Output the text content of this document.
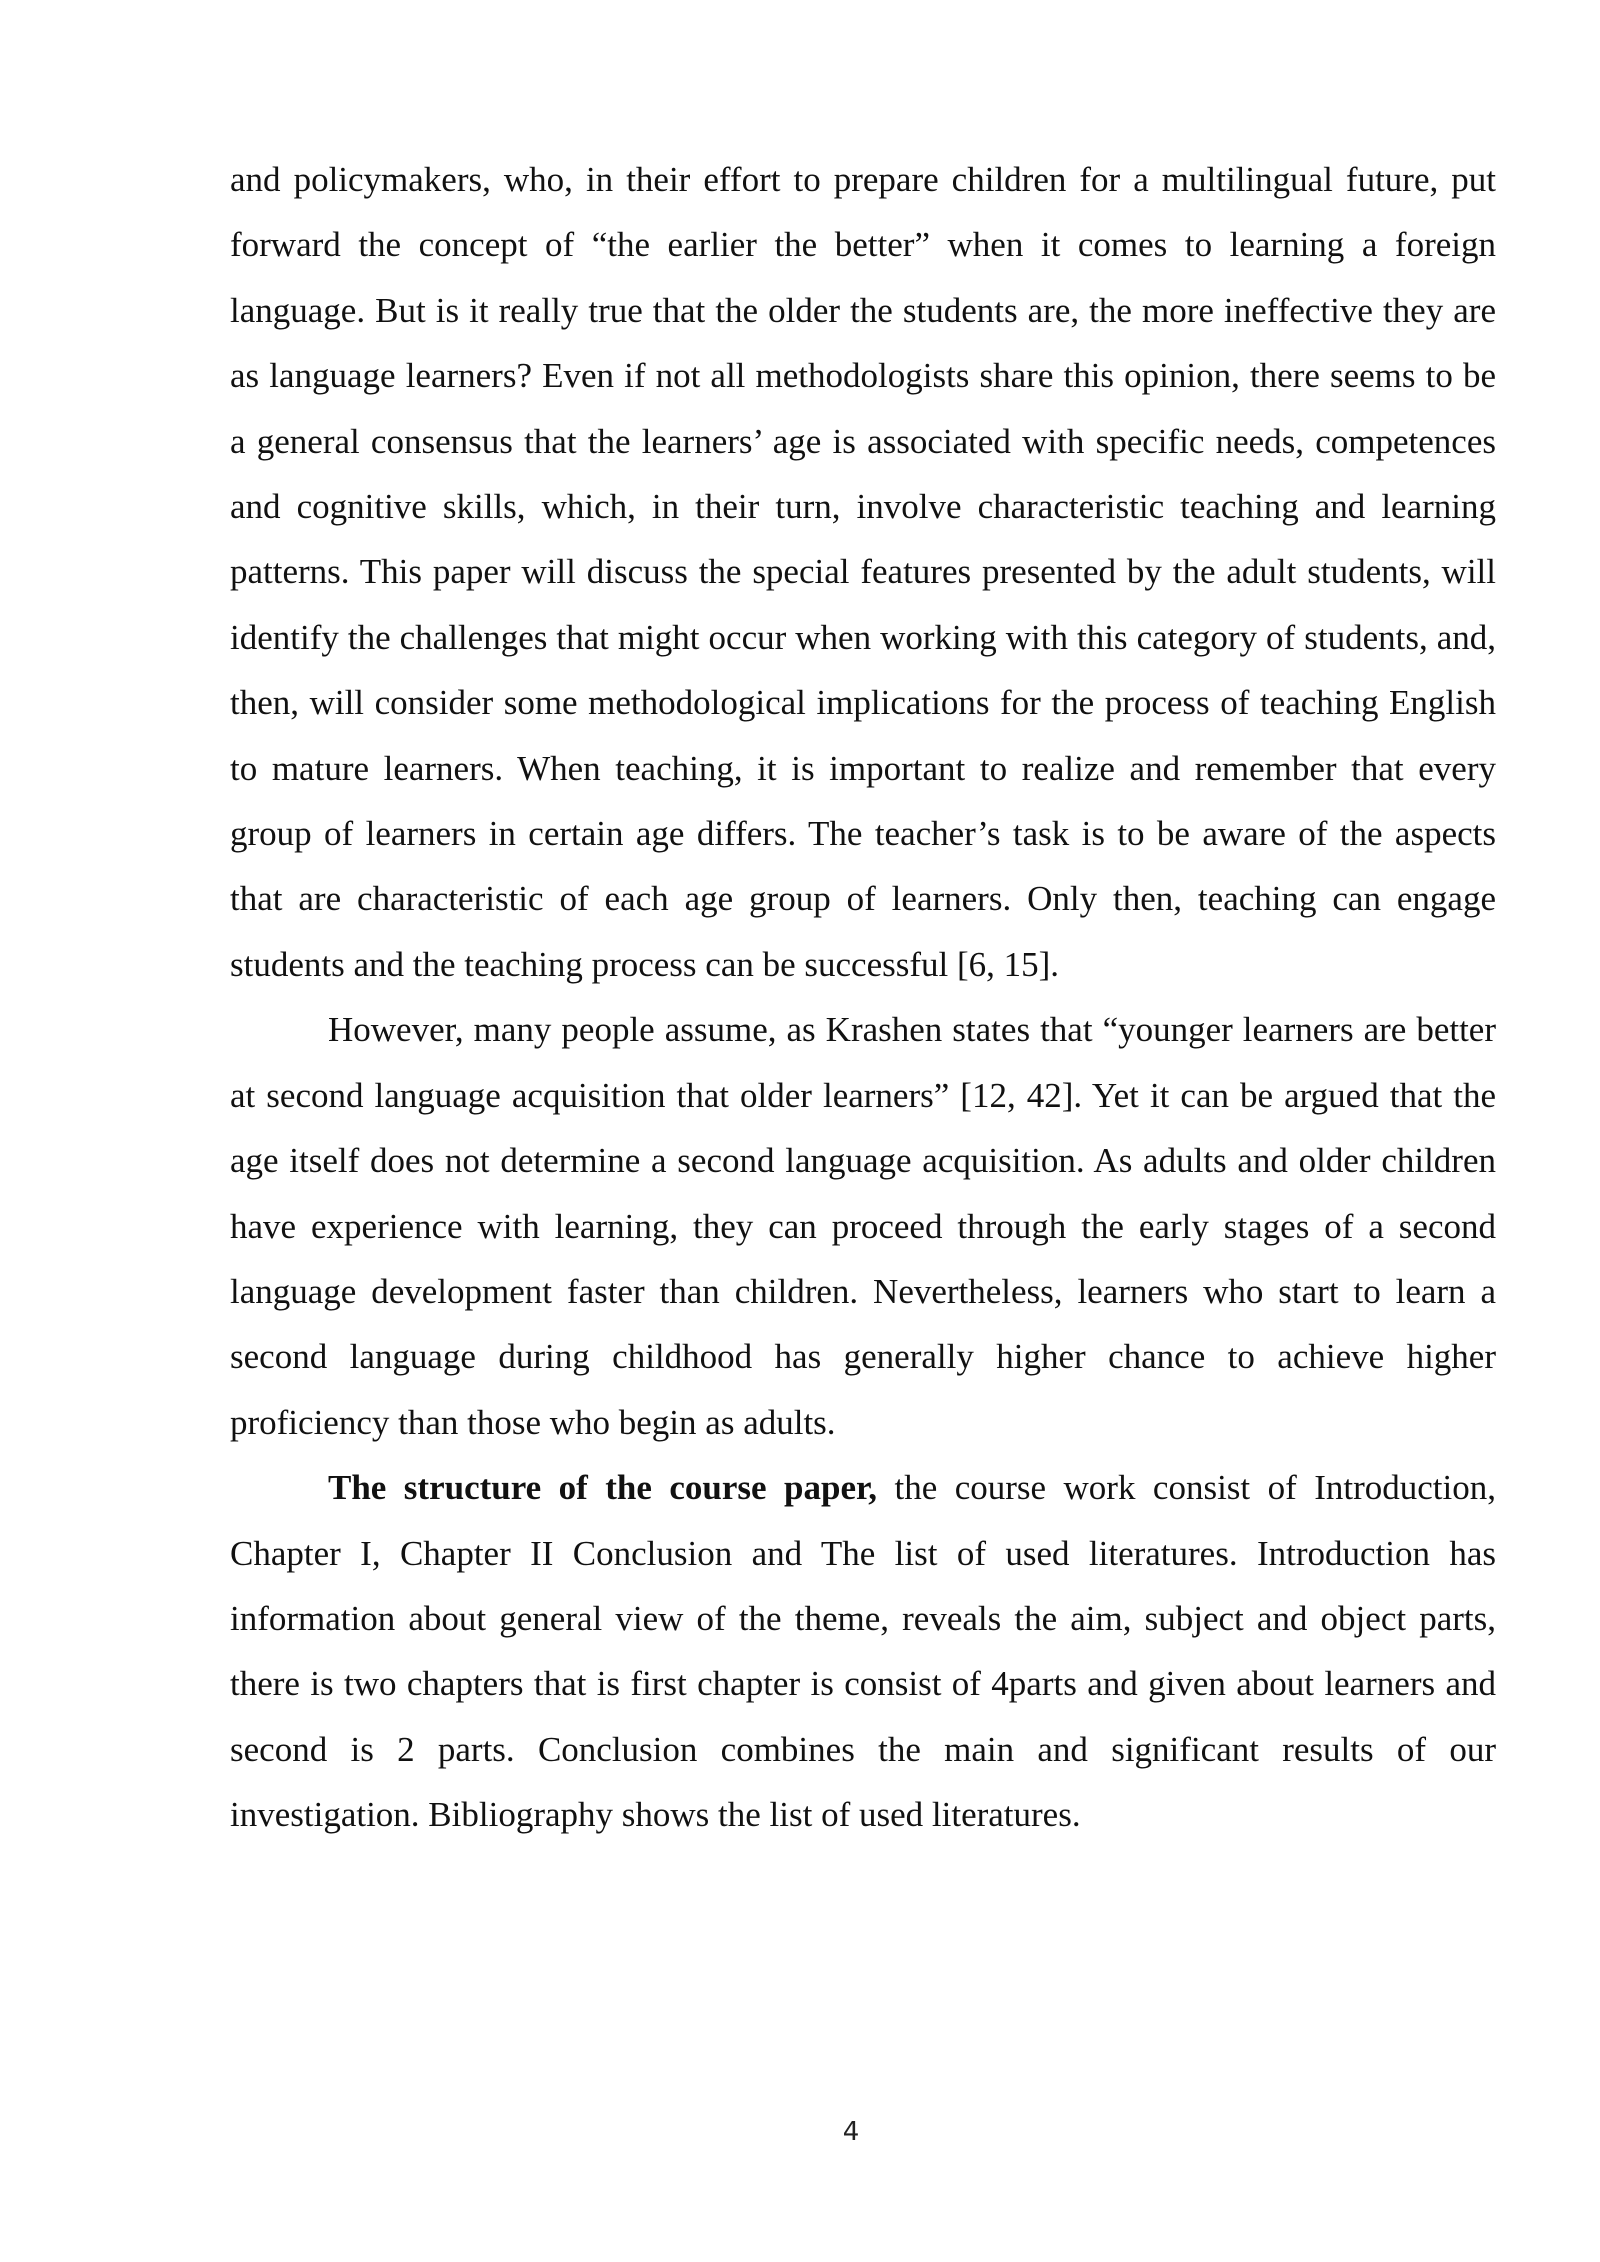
and policymakers, who, in their effort to prepare children for a multilingual future, put forward the concept of “the earlier the better” when it comes to learning a foreign language. But is it really true that the older the students are, the more ineffective they are as language learners? Even if not all methodologists share this opinion, there seems to be a general consensus that the learners’ age is associated with specific needs, competences and cognitive skills, which, in their turn, involve characteristic teaching and learning patterns. This paper will discuss the special features presented by the adult students, will identify the challenges that might occur when working with this category of students, and, then, will consider some methodological implications for the process of teaching English to mature learners. When teaching, it is important to realize and remember that every group of learners in certain age differs. The teacher’s task is to be aware of the aspects that are characteristic of each age group of learners. Only then, teaching can engage students and the teaching process can be successful [6, 15].

However, many people assume, as Krashen states that “younger learners are better at second language acquisition that older learners” [12, 42]. Yet it can be argued that the age itself does not determine a second language acquisition. As adults and older children have experience with learning, they can proceed through the early stages of a second language development faster than children. Nevertheless, learners who start to learn a second language during childhood has generally higher chance to achieve higher proficiency than those who begin as adults.

The structure of the course paper, the course work consist of Introduction, Chapter I, Chapter II Conclusion and The list of used literatures. Introduction has information about general view of the theme, reveals the aim, subject and object parts, there is two chapters that is first chapter is consist of 4parts and given about learners and second is 2 parts. Conclusion combines the main and significant results of our investigation. Bibliography shows the list of used literatures.

4
